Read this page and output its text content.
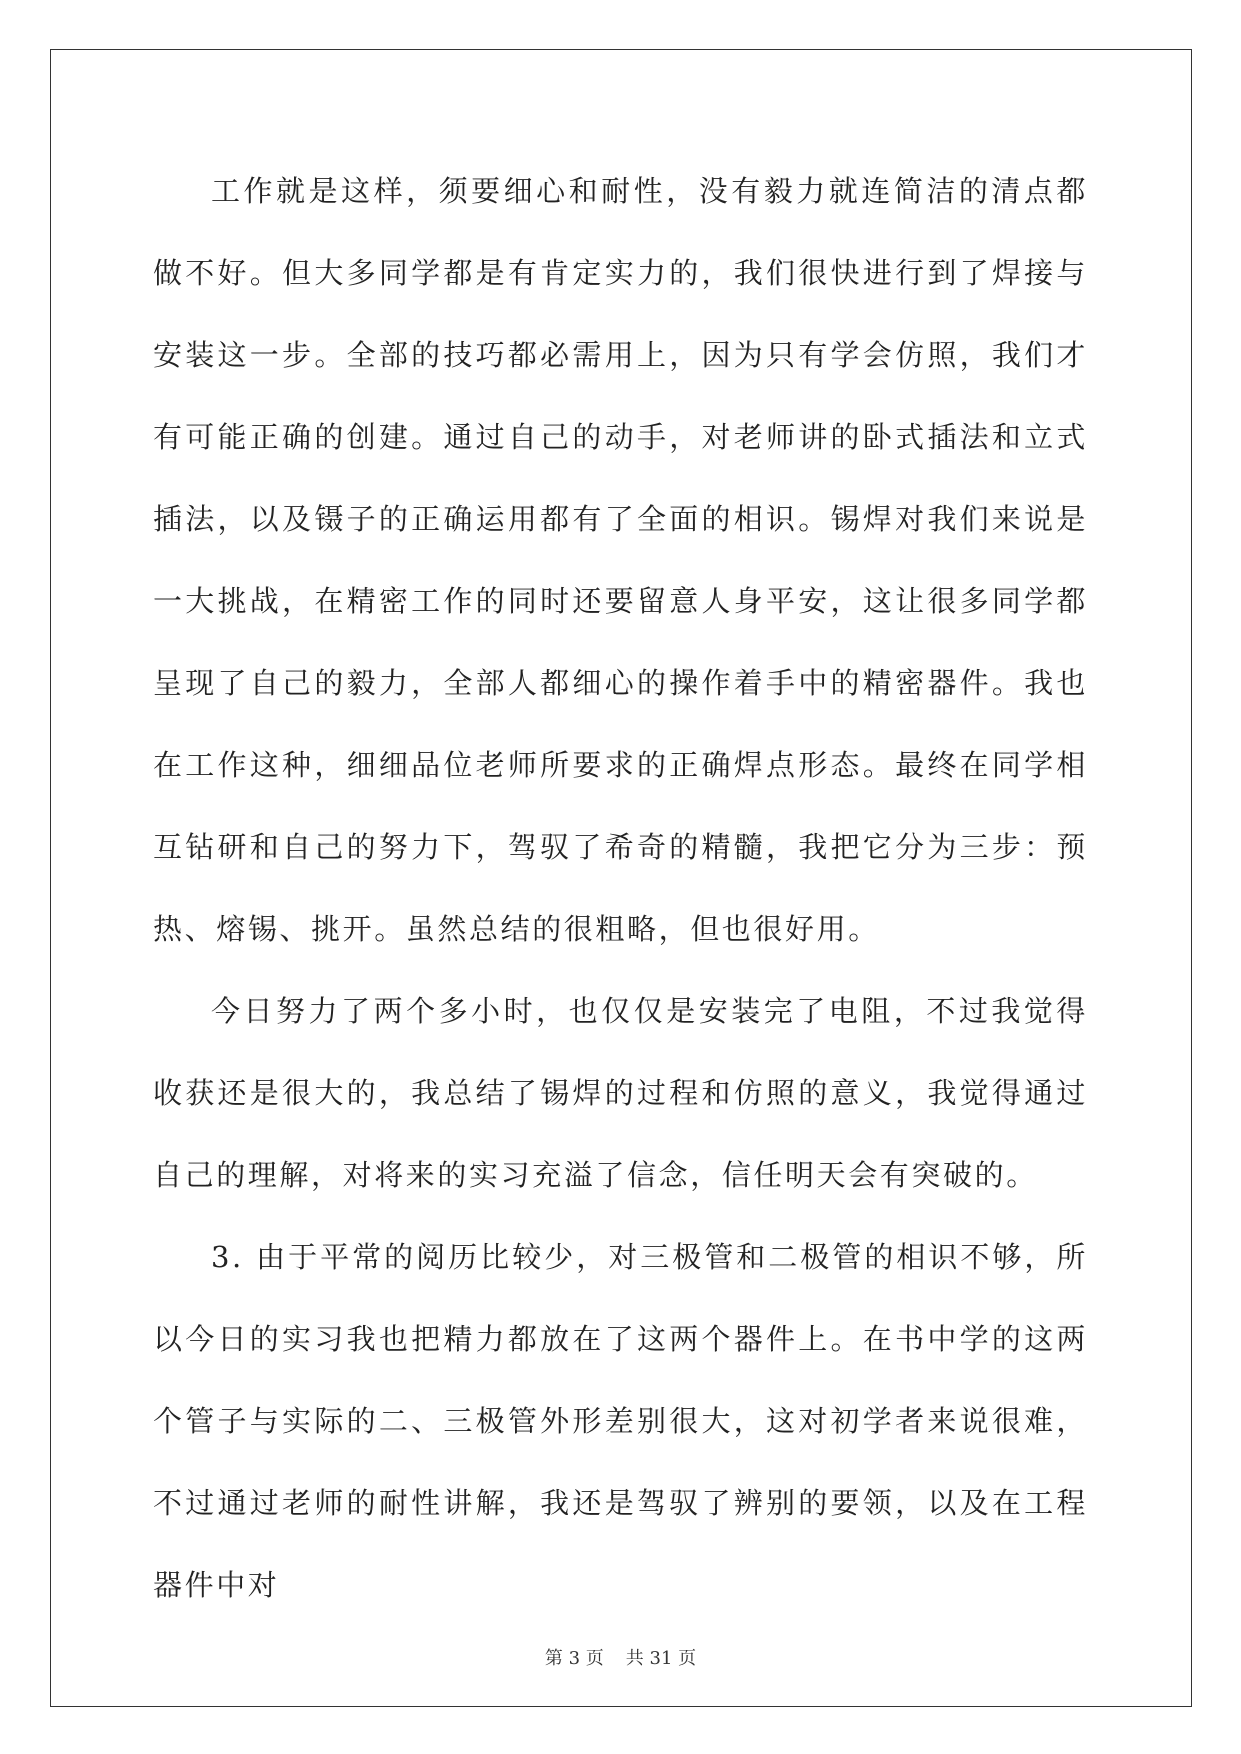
工作就是这样，须要细心和耐性，没有毅力就连简洁的清点都做不好。但大多同学都是有肯定实力的，我们很快进行到了焊接与安装这一步。全部的技巧都必需用上，因为只有学会仿照，我们才有可能正确的创建。通过自己的动手，对老师讲的卧式插法和立式插法，以及镊子的正确运用都有了全面的相识。锡焊对我们来说是一大挑战，在精密工作的同时还要留意人身平安，这让很多同学都呈现了自己的毅力，全部人都细心的操作着手中的精密器件。我也在工作这种，细细品位老师所要求的正确焊点形态。最终在同学相互钻研和自己的努力下，驾驭了希奇的精髓，我把它分为三步：预热、熔锡、挑开。虽然总结的很粗略，但也很好用。

今日努力了两个多小时，也仅仅是安装完了电阻，不过我觉得收获还是很大的，我总结了锡焊的过程和仿照的意义，我觉得通过自己的理解，对将来的实习充溢了信念，信任明天会有突破的。

3. 由于平常的阅历比较少，对三极管和二极管的相识不够，所以今日的实习我也把精力都放在了这两个器件上。在书中学的这两个管子与实际的二、三极管外形差别很大，这对初学者来说很难，不过通过老师的耐性讲解，我还是驾驭了辨别的要领，以及在工程器件中对

第 3 页 共 31 页
